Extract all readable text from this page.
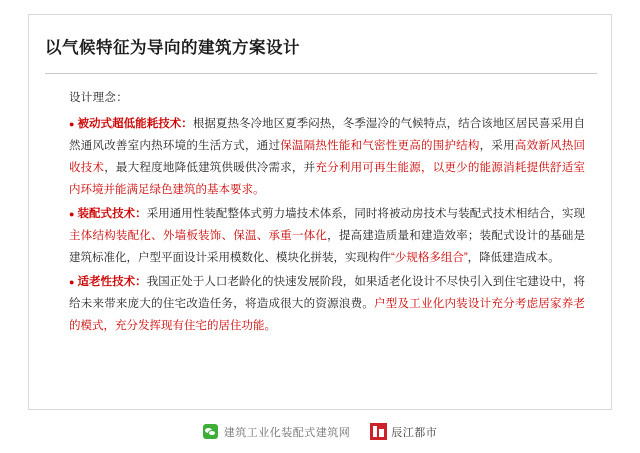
以气候特征为导向的建筑方案设计
设计理念：
● 被动式超低能耗技术：根据夏热冬冷地区夏季闷热，冬季湿冷的气候特点，结合该地区居民喜采用自然通风改善室内热环境的生活方式，通过保温隔热性能和气密性更高的围护结构，采用高效新风热回收技术，最大程度地降低建筑供暖供冷需求，并充分利用可再生能源，以更少的能源消耗提供舒适室内环境并能满足绿色建筑的基本要求。
● 装配式技术：采用通用性装配整体式剪力墙技术体系，同时将被动房技术与装配式技术相结合，实现主体结构装配化、外墙板装饰、保温、承重一体化，提高建造质量和建造效率；装配式设计的基础是建筑标准化，户型平面设计采用模数化、模块化拼装，实现构件“少规格多组合”，降低建造成本。
● 适老性技术：我国正处于人口老龄化的快速发展阶段，如果适老化设计不尽快引入到住宅建设中，将给未来带来庞大的住宅改造任务，将造成很大的资源浪费。户型及工业化内装设计充分考虑居家养老的模式，充分发挥现有住宅的居住功能。
建筑工业化装配式建筑网	辰江都市
